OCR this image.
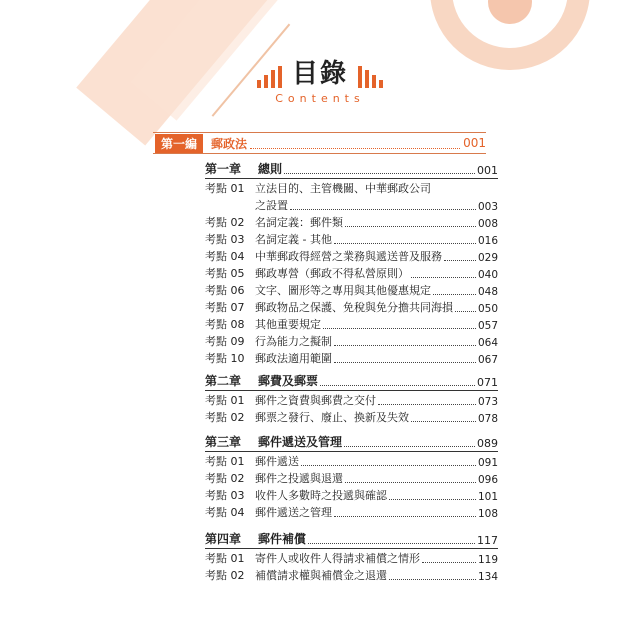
目錄
Contents
第一編	郵政法	001
第一章	總則	001
考點 01 立法目的、主管機關、中華郵政公司
之設置	003
考點 02 名詞定義：郵件類	008
考點 03 名詞定義 - 其他	016
考點 04 中華郵政得經營之業務與遞送普及服務	029
考點 05 郵政專營（郵政不得私營原則）	040
考點 06 文字、圖形等之專用與其他優惠規定	048
考點 07 郵政物品之保護、免稅與免分擔共同海損 050
考點 08 其他重要規定	057
考點 09 行為能力之擬制	064
考點 10 郵政法適用範圍	067
第二章	郵費及郵票	071
考點 01 郵件之資費與郵費之交付	073
考點 02 郵票之發行、廢止、換新及失效	078
第三章	郵件遞送及管理	089
考點 01 郵件遞送	091
考點 02 郵件之投遞與退還	096
考點 03 收件人多數時之投遞與確認	101
考點 04 郵件遞送之管理	108
第四章	郵件補償	117
考點 01 寄件人或收件人得請求補償之情形	119
考點 02 補償請求權與補償金之退還	134
